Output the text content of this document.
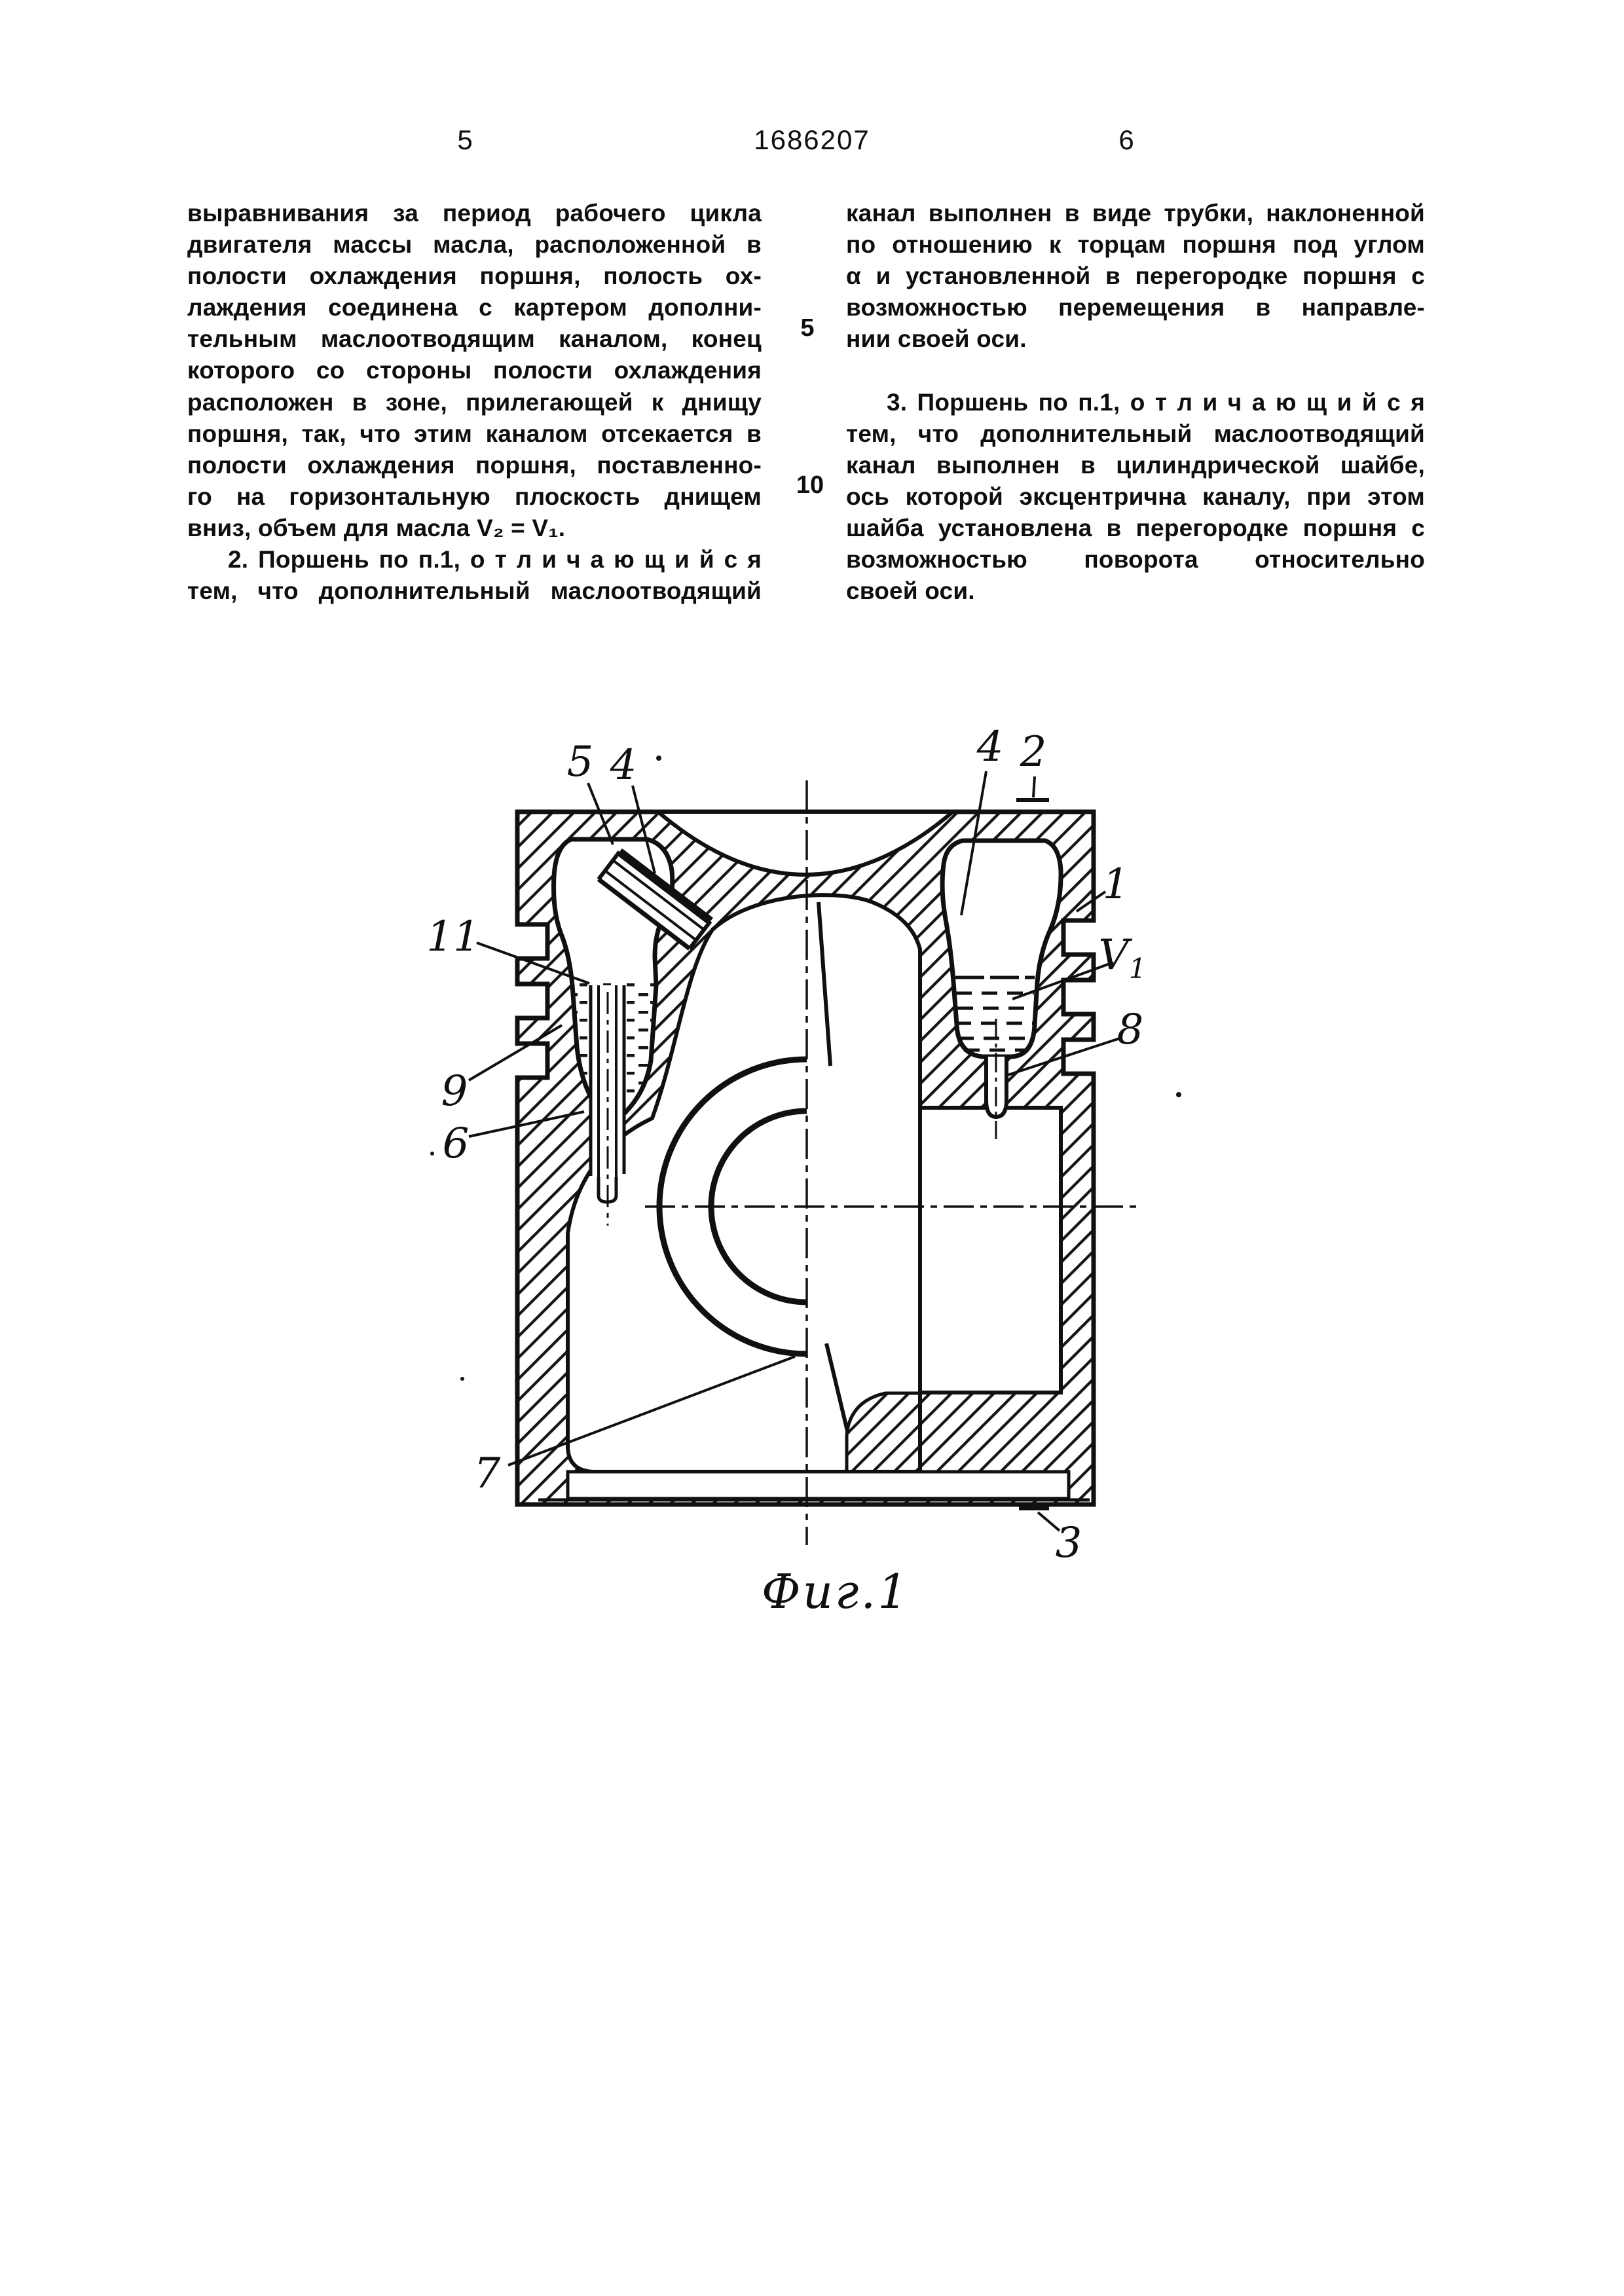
5	1686207	6
выравнивания за период рабочего цикла
двигателя массы масла, расположенной в
полости охлаждения поршня, полость ох-
лаждения соединена с картером дополни-
тельным маслоотводящим каналом, конец
которого со стороны полости охлаждения
расположен в зоне, прилегающей к днищу
поршня, так, что этим каналом отсекается в
полости охлаждения поршня, поставленно-
го на горизонтальную плоскость днищем
вниз, объем для масла V₂ = V₁.
2. Поршень по п.1, о т л и ч а ю щ и й с я
тем, что дополнительный маслоотводящий
5
10
канал выполнен в виде трубки, наклоненной
по отношению к торцам поршня под углом
α и установленной в перегородке поршня с
возможностью перемещения в направле-
нии своей оси.
3. Поршень по п.1, о т л и ч а ю щ и й с я
тем, что дополнительный маслоотводящий
канал выполнен в цилиндрической шайбе,
ось которой эксцентрична каналу, при этом
шайба установлена в перегородке поршня с
возможностью поворота относительно
своей оси.
5 4	4 2
1
$V_1$
8
11
9
6
7
3
Фиг.1
